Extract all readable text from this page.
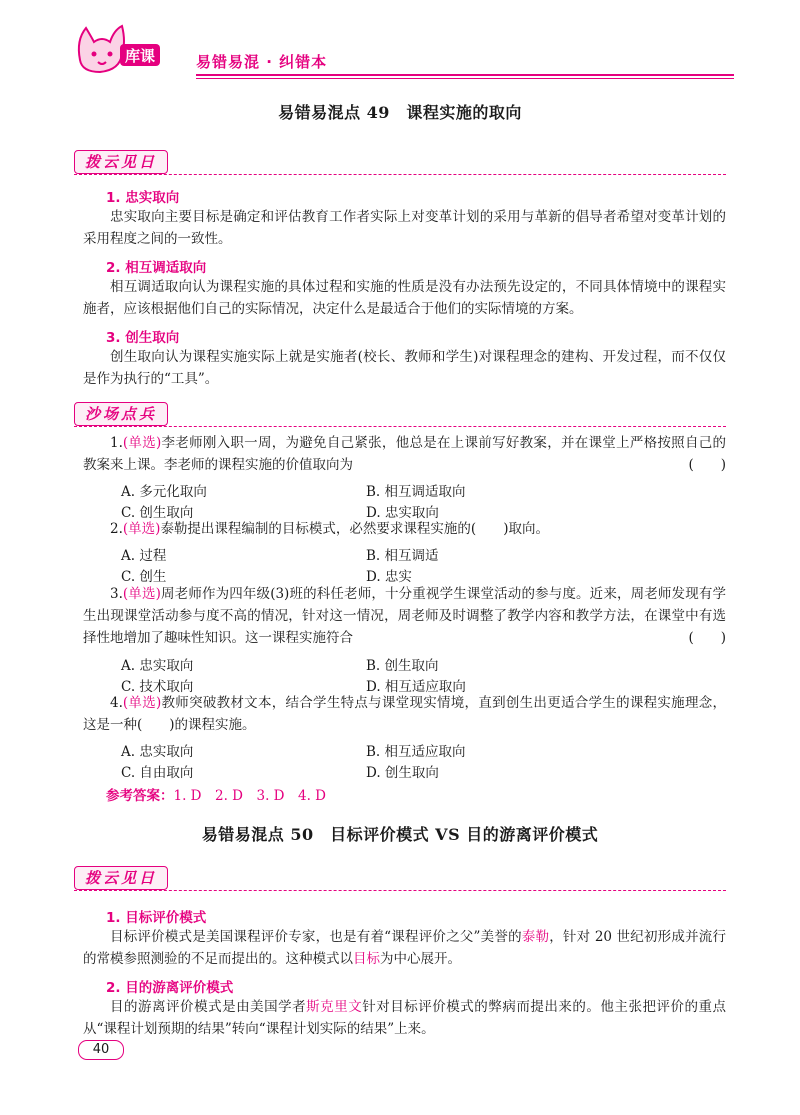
库课	易错易混 · 纠错本
易错易混点 49　课程实施的取向
拨云见日
1. 忠实取向
忠实取向主要目标是确定和评估教育工作者实际上对变革计划的采用与革新的倡导者希望对变革计划的采用程度之间的一致性。
2. 相互调适取向
相互调适取向认为课程实施的具体过程和实施的性质是没有办法预先设定的，不同具体情境中的课程实施者，应该根据他们自己的实际情况，决定什么是最适合于他们的实际情境的方案。
3. 创生取向
创生取向认为课程实施实际上就是实施者(校长、教师和学生)对课程理念的建构、开发过程，而不仅仅是作为执行的“工具”。
沙场点兵
1.(单选)李老师刚入职一周，为避免自己紧张，他总是在上课前写好教案，并在课堂上严格按照自己的教案来上课。李老师的课程实施的价值取向为	(　　)
A. 多元化取向	B. 相互调适取向
C. 创生取向	D. 忠实取向
2.(单选)泰勒提出课程编制的目标模式，必然要求课程实施的(　　)取向。
A. 过程	B. 相互调适
C. 创生	D. 忠实
3.(单选)周老师作为四年级(3)班的科任老师，十分重视学生课堂活动的参与度。近来，周老师发现有学生出现课堂活动参与度不高的情况，针对这一情况，周老师及时调整了教学内容和教学方法，在课堂中有选择性地增加了趣味性知识。这一课程实施符合	(　　)
A. 忠实取向	B. 创生取向
C. 技术取向	D. 相互适应取向
4.(单选)教师突破教材文本，结合学生特点与课堂现实情境，直到创生出更适合学生的课程实施理念，这是一种(　　)的课程实施。
A. 忠实取向	B. 相互适应取向
C. 自由取向	D. 创生取向
参考答案：1. D　2. D　3. D　4. D
易错易混点 50　目标评价模式 VS 目的游离评价模式
拨云见日
1. 目标评价模式
目标评价模式是美国课程评价专家，也是有着“课程评价之父”美誉的泰勒，针对 20 世纪初形成并流行的常模参照测验的不足而提出的。这种模式以目标为中心展开。
2. 目的游离评价模式
目的游离评价模式是由美国学者斯克里文针对目标评价模式的弊病而提出来的。他主张把评价的重点从“课程计划预期的结果”转向“课程计划实际的结果”上来。
40
